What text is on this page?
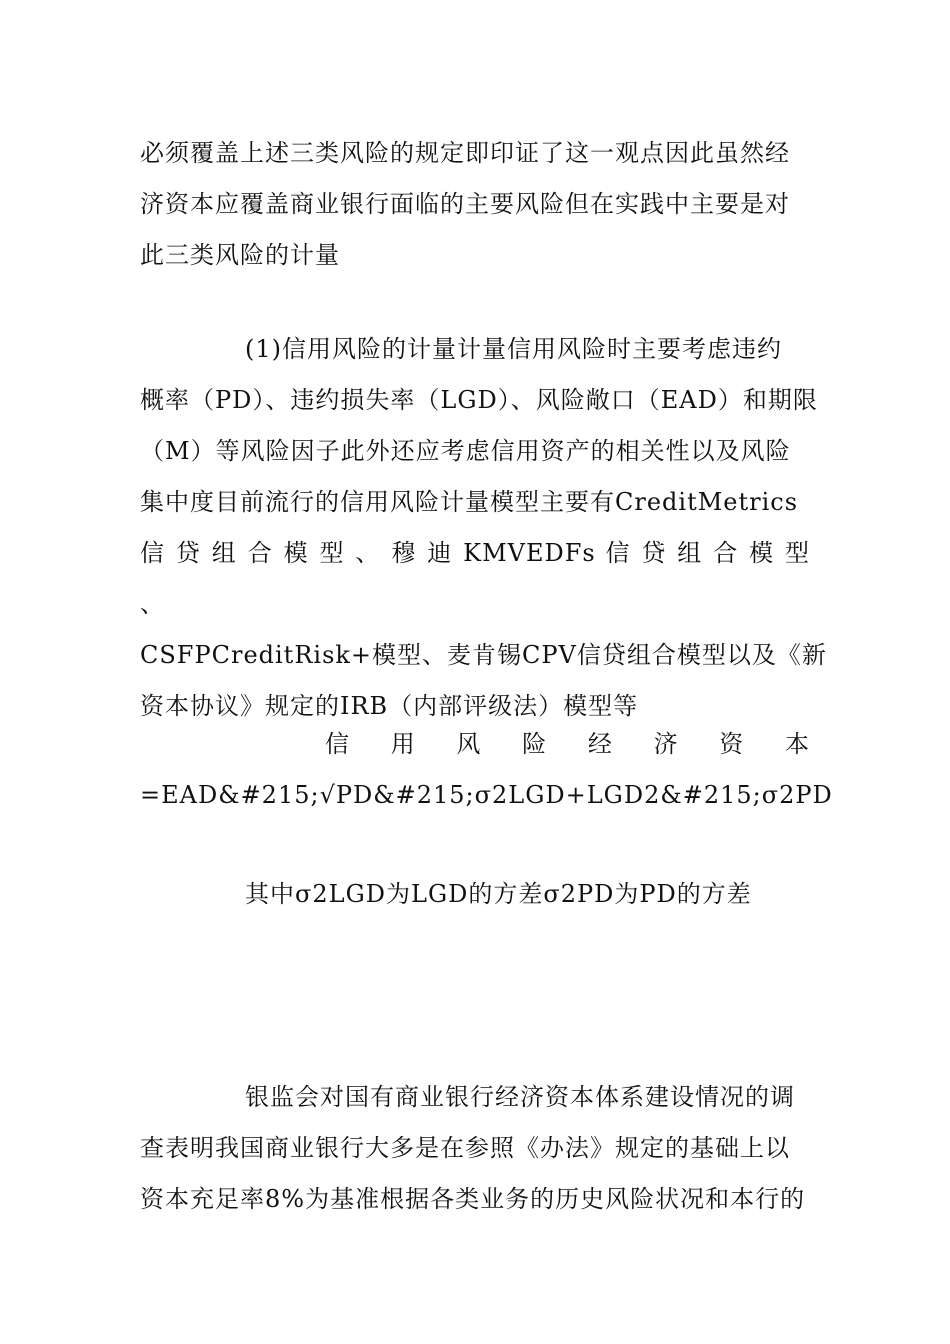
必须覆盖上述三类风险的规定即印证了这一观点因此虽然经
济资本应覆盖商业银行面临的主要风险但在实践中主要是对
此三类风险的计量
(1)信用风险的计量计量信用风险时主要考虑违约
概率（PD）、违约损失率（LGD）、风险敞口（EAD）和期限
（M）等风险因子此外还应考虑信用资产的相关性以及风险
集中度目前流行的信用风险计量模型主要有CreditMetrics
信 贷 组 合 模 型 、 穆 迪 KMVEDFs 信 贷 组 合 模 型 、
CSFPCreditRisk+模型、麦肯锡CPV信贷组合模型以及《新
资本协议》规定的IRB（内部评级法）模型等
信 用 风 险 经 济 资 本
=EAD&#215;√PD&#215;σ2LGD+LGD2&#215;σ2PD
其中σ2LGD为LGD的方差σ2PD为PD的方差
银监会对国有商业银行经济资本体系建设情况的调
查表明我国商业银行大多是在参照《办法》规定的基础上以
资本充足率8%为基准根据各类业务的历史风险状况和本行的
